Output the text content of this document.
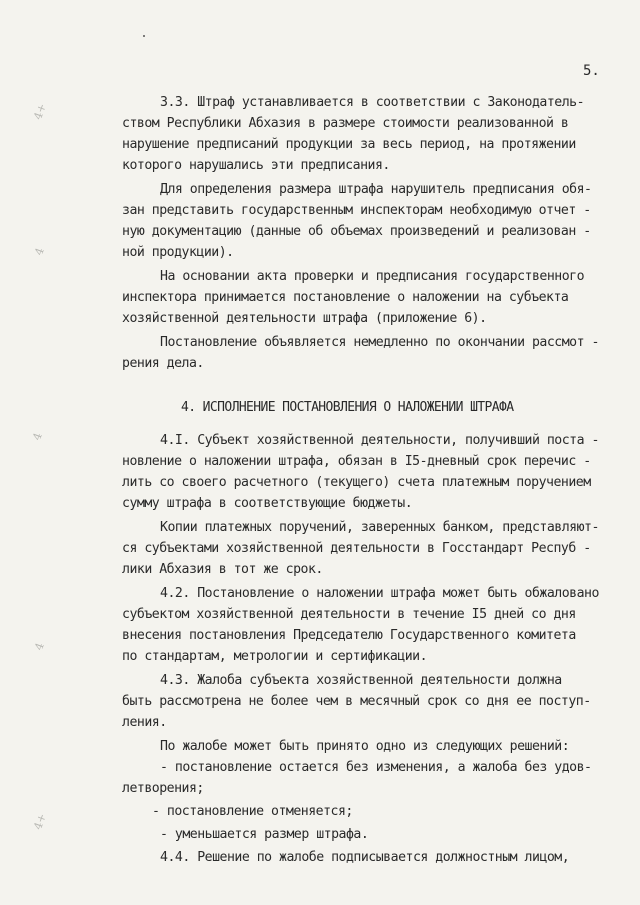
5.
3.3. Штраф устанавливается в соответствии с Законодатель-
ством Республики Абхазия в размере стоимости реализованной в
нарушение предписаний продукции за весь период, на протяжении
которого нарушались эти предписания.
Для определения размера штрафа нарушитель предписания обя-
зан представить государственным инспекторам необходимую отчет -
ную документацию (данные об объемах произведений и реализован -
ной продукции).
На основании акта проверки и предписания государственного
инспектора принимается постановление о наложении на субъекта
хозяйственной деятельности штрафа (приложение 6).
Постановление объявляется немедленно по окончании рассмот -
рения дела.
4. ИСПОЛНЕНИЕ ПОСТАНОВЛЕНИЯ О НАЛОЖЕНИИ ШТРАФА
4.I. Субъект хозяйственной деятельности, получивший поста -
новление о наложении штрафа, обязан в I5-дневный срок перечис -
лить со своего расчетного (текущего) счета платежным поручением
сумму штрафа в соответствующие бюджеты.
Копии платежных поручений, заверенных банком, представляют-
ся субъектами хозяйственной деятельности в Госстандарт Респуб -
лики Абхазия в тот же срок.
4.2. Постановление о наложении штрафа может быть обжаловано
субъектом хозяйственной деятельности в течение I5 дней со дня
внесения постановления Председателю Государственного комитета
по стандартам, метрологии и сертификации.
4.3. Жалоба субъекта хозяйственной деятельности должна
быть рассмотрена не более чем в месячный срок со дня ее поступ-
ления.
По жалобе может быть принято одно из следующих решений:
- постановление остается без изменения, а жалоба без удов-
летворения;
- постановление отменяется;
- уменьшается размер штрафа.
4.4. Решение по жалобе подписывается должностным лицом,
4+
4
4
4
4+
